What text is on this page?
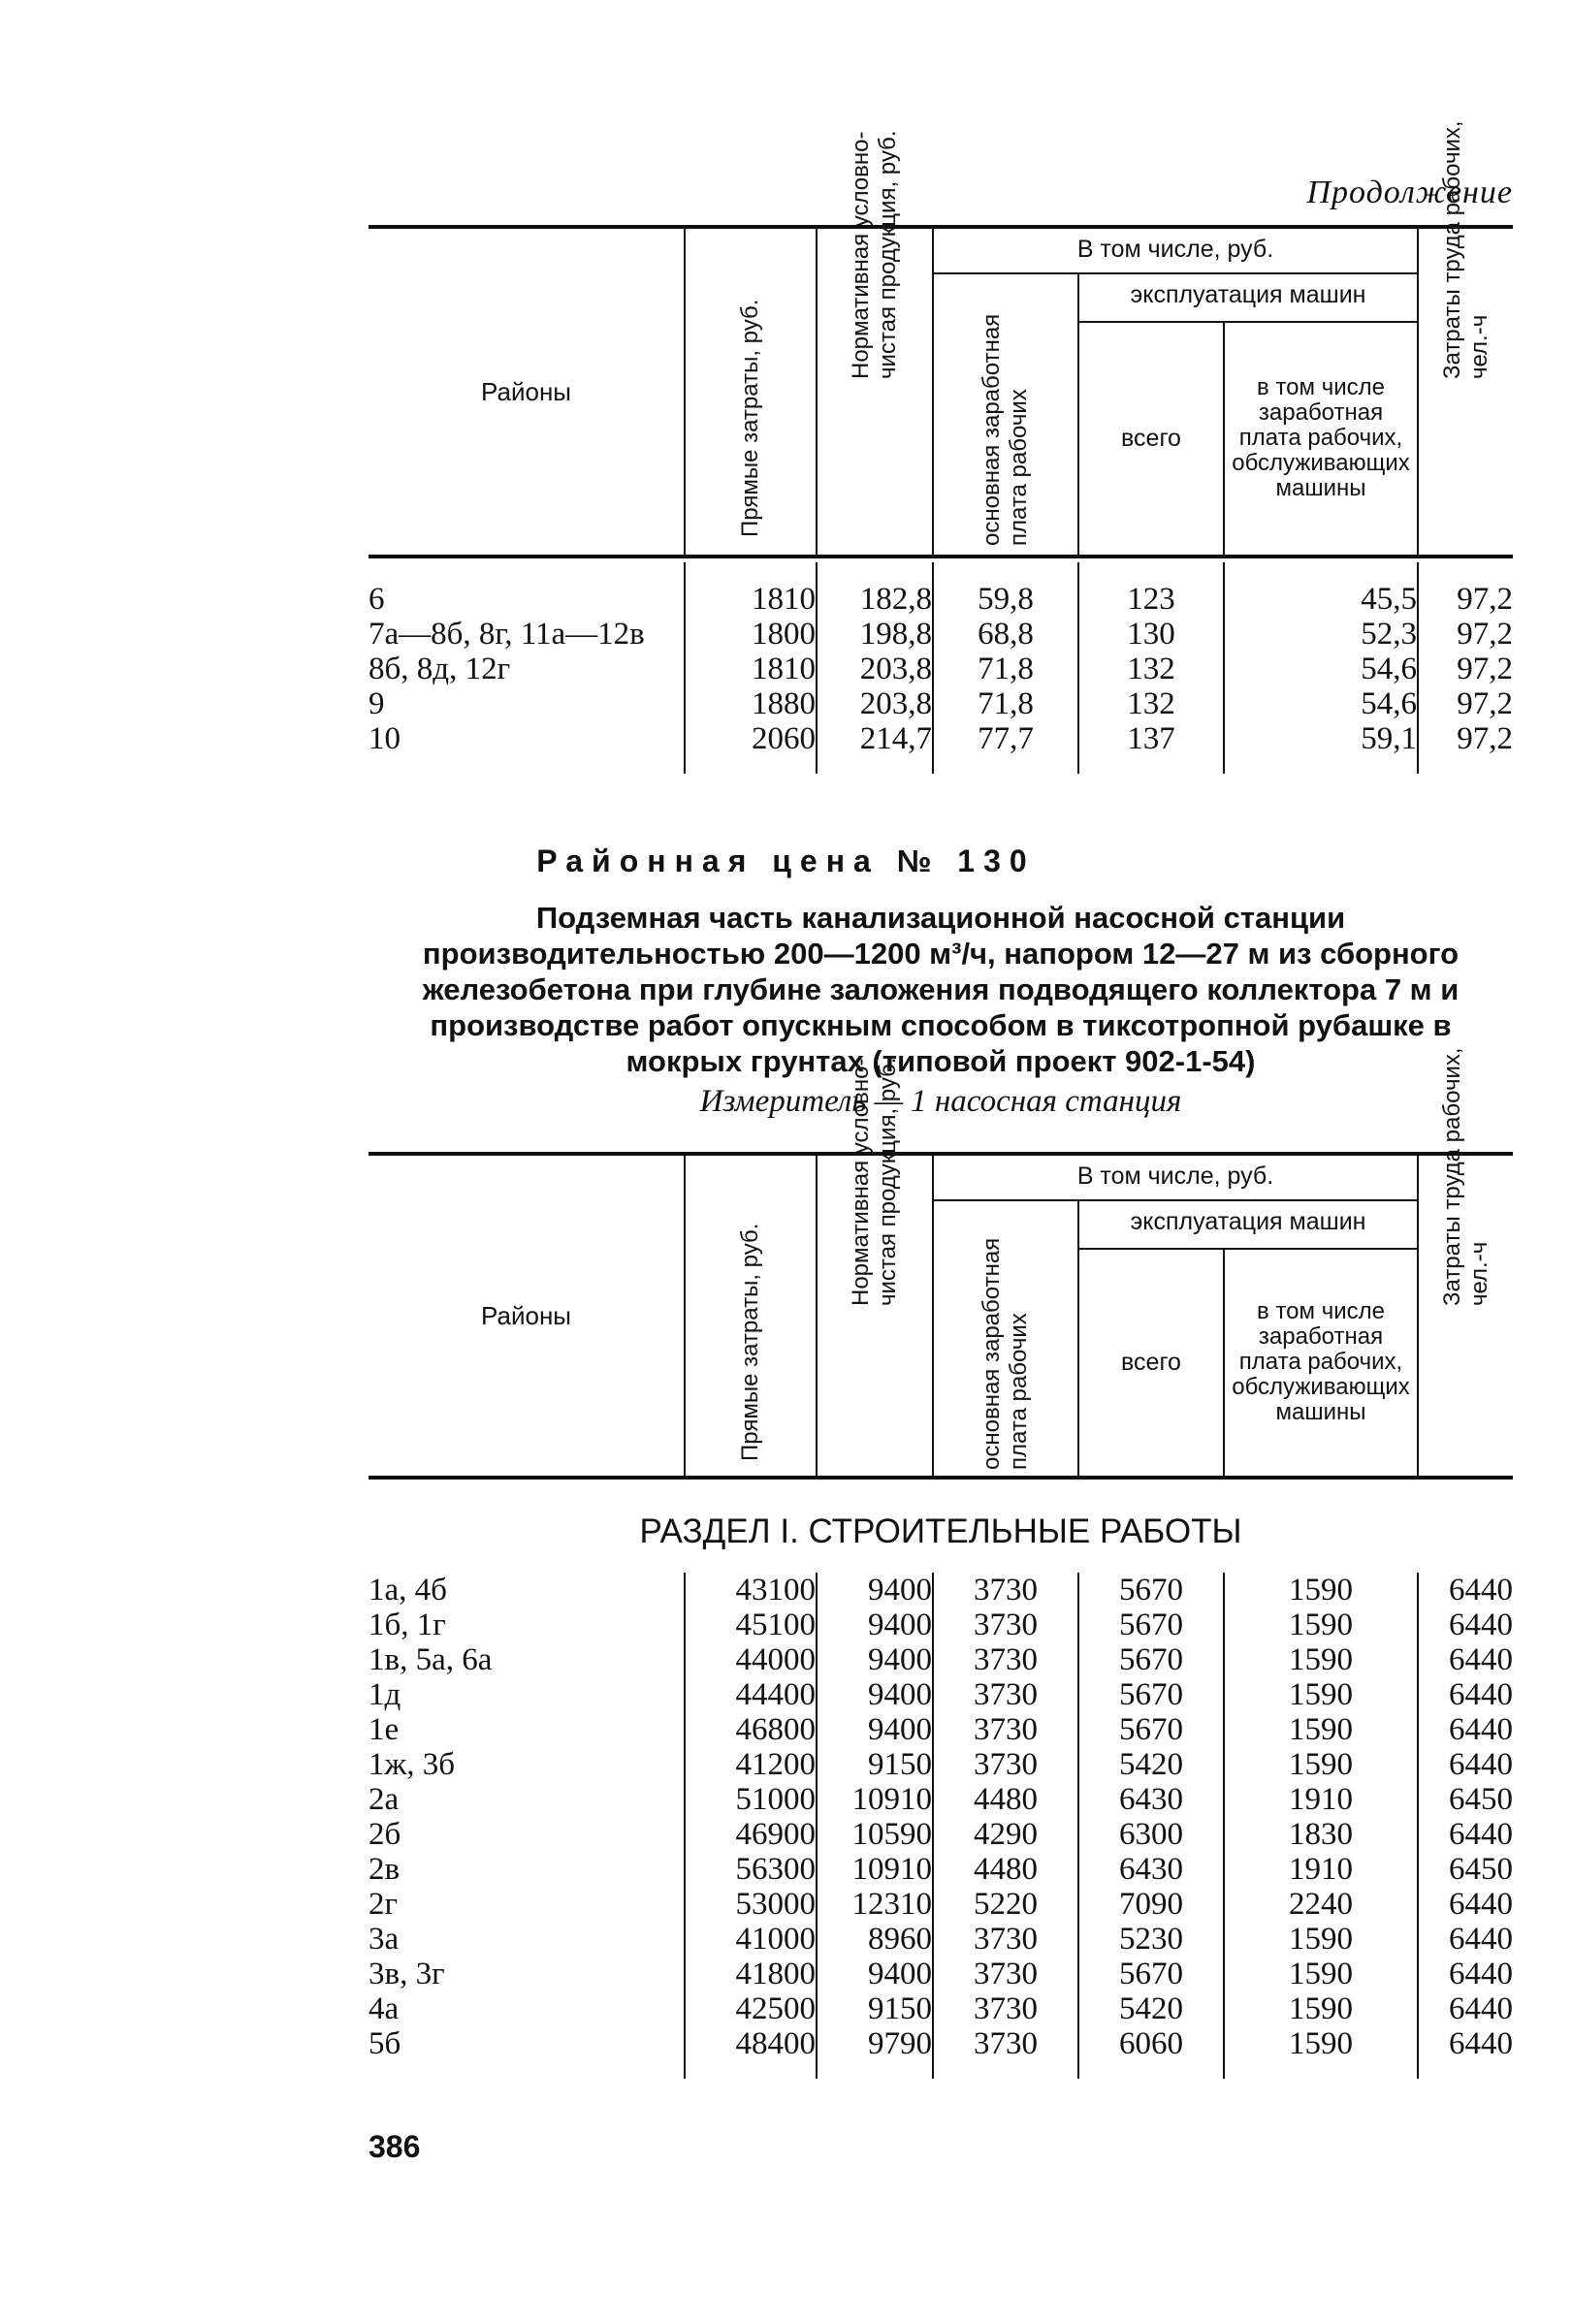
Продолжение
Районы	Прямые затраты, руб.	Нормативная условно-чистая продукция, руб.	В том числе, руб.			Затраты труда рабочих, чел.-ч

			основная заработная плата рабочих	эксплуатация машин		
				всего	в том числе заработная плата рабочих, обслуживающих машины	
6	1810	182,8	59,8	123	45,5	97,2
7а—8б, 8г, 11а—12в	1800	198,8	68,8	130	52,3	97,2
8б, 8д, 12г	1810	203,8	71,8	132	54,6	97,2
9	1880	203,8	71,8	132	54,6	97,2
10	2060	214,7	77,7	137	59,1	97,2
Районная цена № 130
Подземная часть канализационной насосной станции производительностью 200—1200 м³/ч, напором 12—27 м из сборного железобетона при глубине заложения подводящего коллектора 7 м и производстве работ опускным способом в тиксотропной рубашке в мокрых грунтах (типовой проект 902-1-54)
Измеритель — 1 насосная станция
Районы	Прямые затраты, руб.	Нормативная условно-чистая продукция, руб.	В том числе, руб.			Затраты труда рабочих, чел.-ч

			основная заработная плата рабочих	эксплуатация машин		
				всего	в том числе заработная плата рабочих, обслуживающих машины	
РАЗДЕЛ I. СТРОИТЕЛЬНЫЕ РАБОТЫ
1а, 4б	43100	9400	3730	5670	1590	6440
1б, 1г	45100	9400	3730	5670	1590	6440
1в, 5а, 6а	44000	9400	3730	5670	1590	6440
1д	44400	9400	3730	5670	1590	6440
1е	46800	9400	3730	5670	1590	6440
1ж, 3б	41200	9150	3730	5420	1590	6440
2а	51000	10910	4480	6430	1910	6450
2б	46900	10590	4290	6300	1830	6440
2в	56300	10910	4480	6430	1910	6450
2г	53000	12310	5220	7090	2240	6440
3а	41000	8960	3730	5230	1590	6440
3в, 3г	41800	9400	3730	5670	1590	6440
4а	42500	9150	3730	5420	1590	6440
5б	48400	9790	3730	6060	1590	6440
386
